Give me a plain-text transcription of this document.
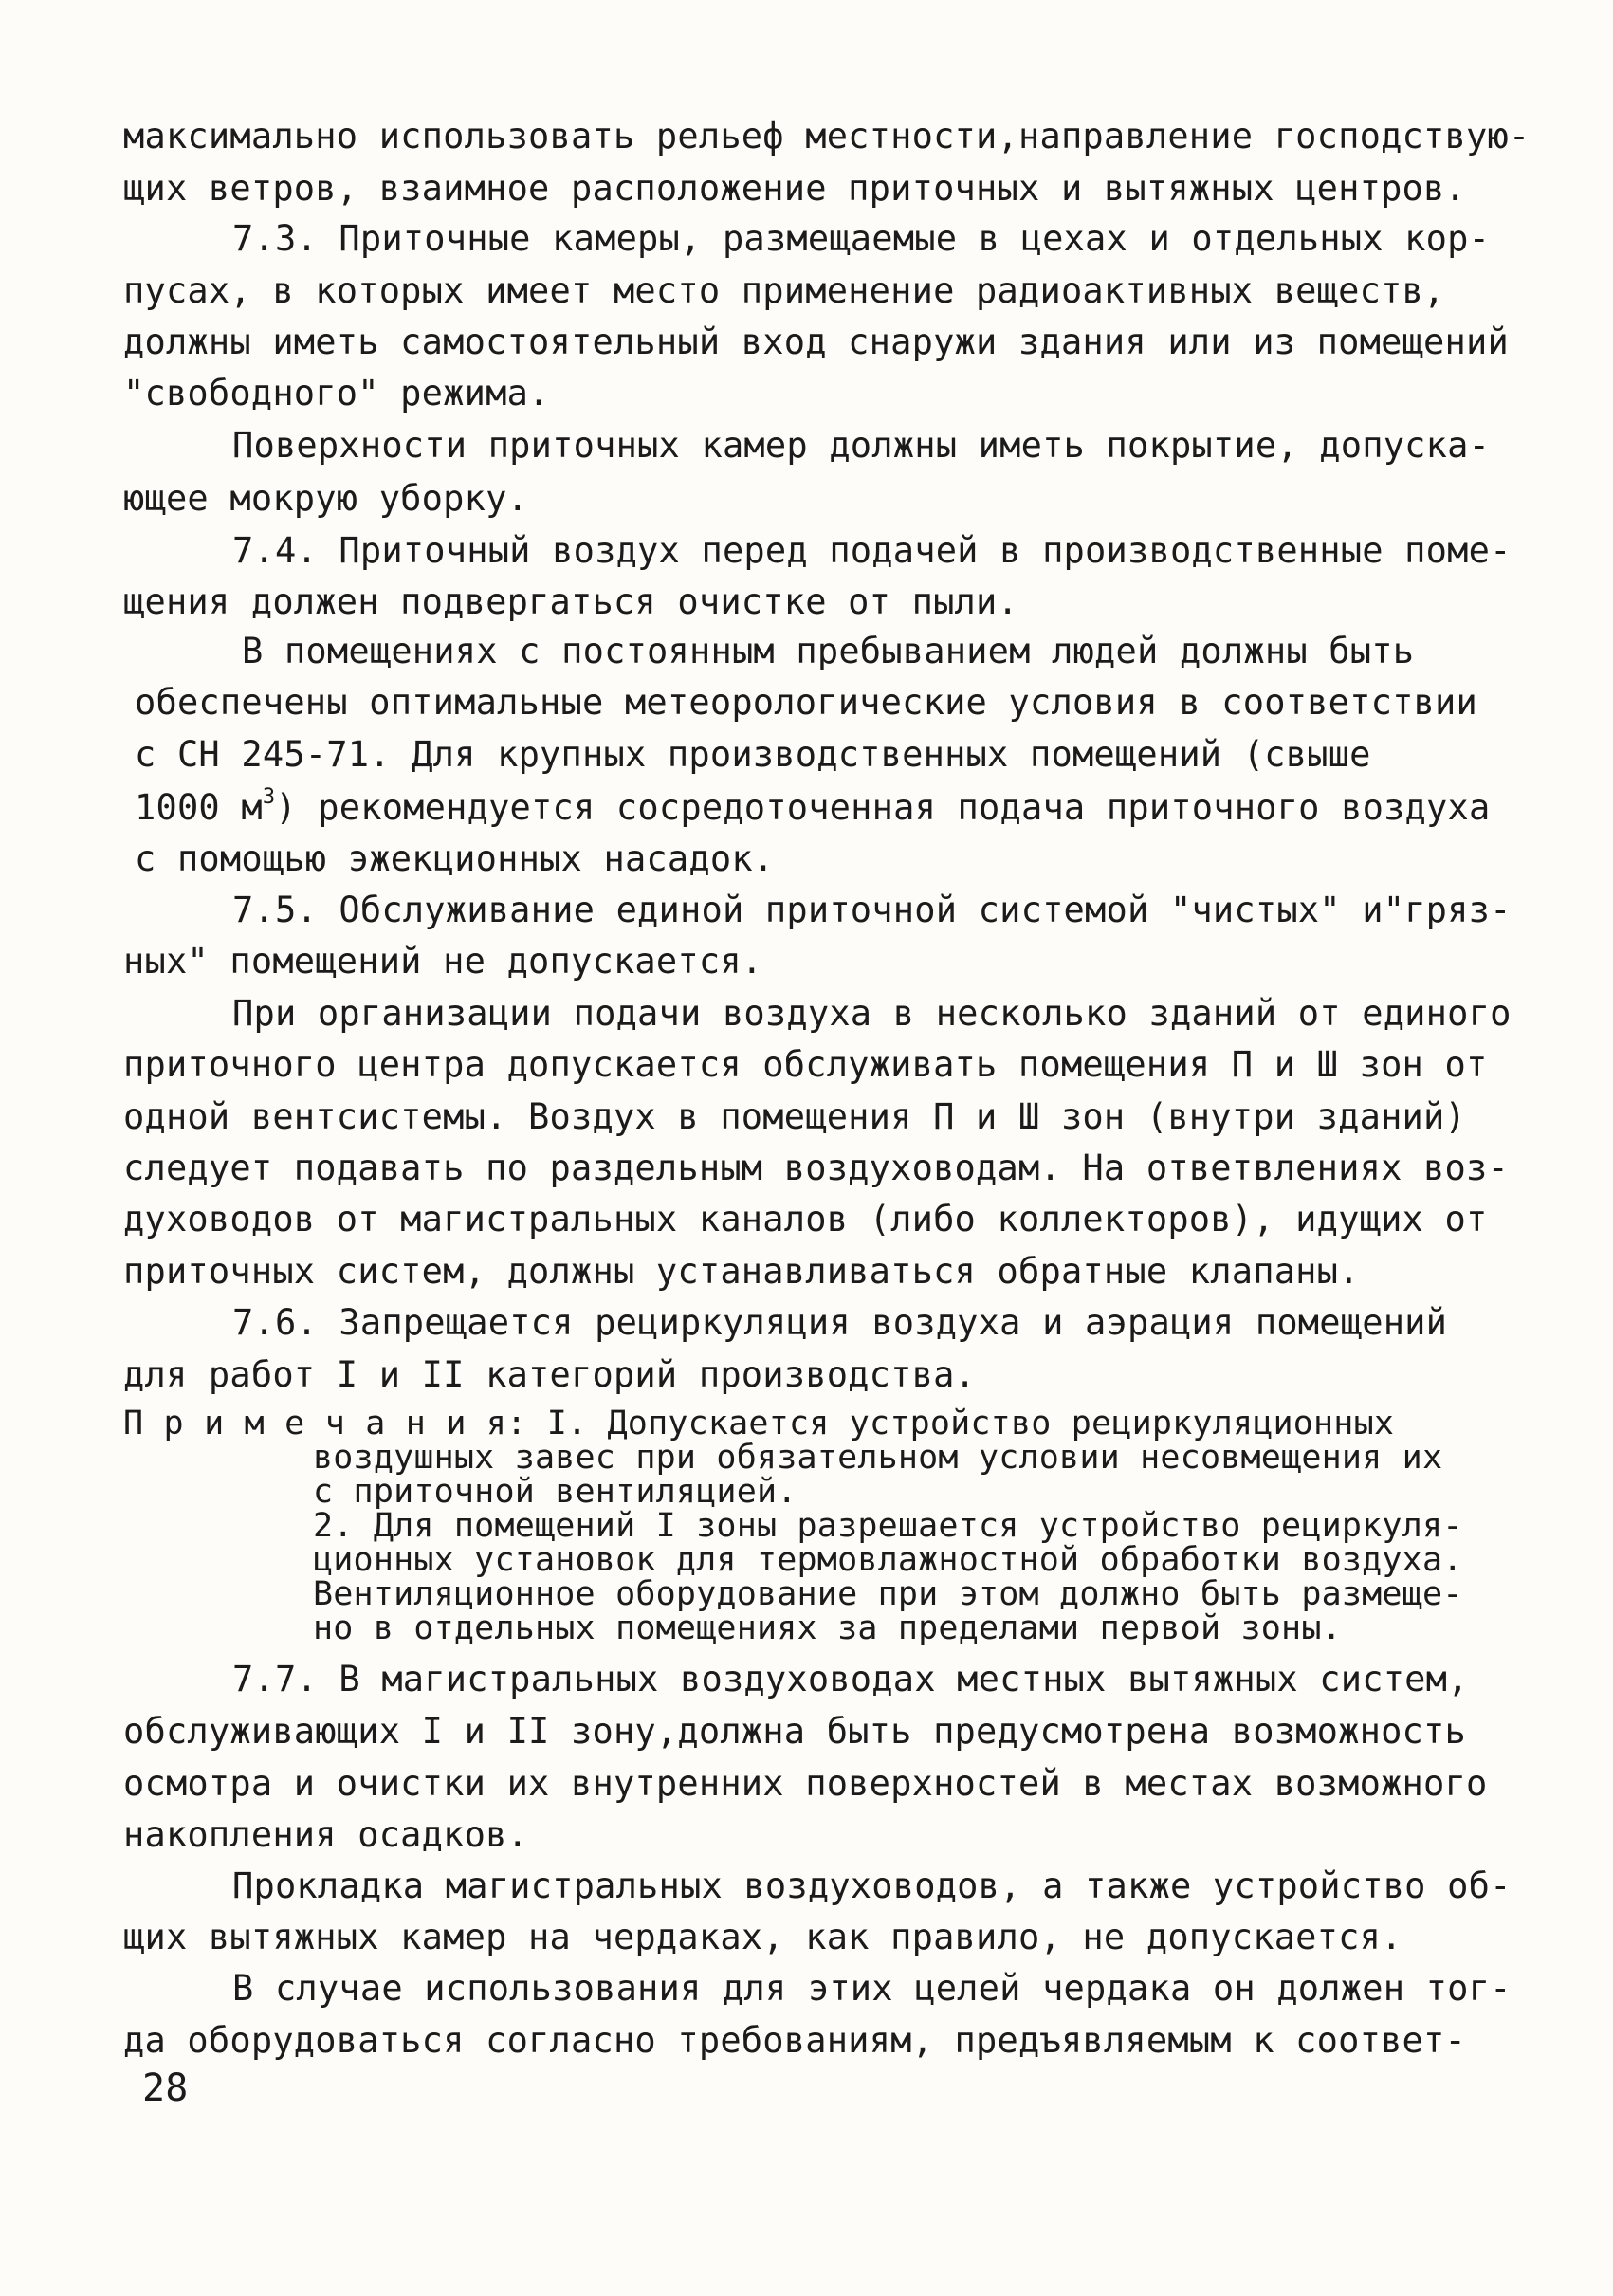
максимально использовать рельеф местности,направление господствую-
щих ветров, взаимное расположение приточных и вытяжных центров.
7.3. Приточные камеры, размещаемые в цехах и отдельных кор-
пусах, в которых имеет место применение радиоактивных веществ,
должны иметь самостоятельный вход снаружи здания или из помещений
"свободного" режима.
Поверхности приточных камер должны иметь покрытие, допуска-
ющее мокрую уборку.
7.4. Приточный воздух перед подачей в производственные поме-
щения должен подвергаться очистке от пыли.
В помещениях с постоянным пребыванием людей должны быть
обеспечены оптимальные метеорологические условия в соответствии
с СН 245-71. Для крупных производственных помещений (свыше
1000 $м^3$) рекомендуется сосредоточенная подача приточного воздуха
с помощью эжекционных насадок.
7.5. Обслуживание единой приточной системой "чистых" и"гряз-
ных" помещений не допускается.
При организации подачи воздуха в несколько зданий от единого
приточного центра допускается обслуживать помещения П и Ш зон от
одной вентсистемы. Воздух в помещения П и Ш зон (внутри зданий)
следует подавать по раздельным воздуховодам. На ответвлениях воз-
духоводов от магистральных каналов (либо коллекторов), идущих от
приточных систем, должны устанавливаться обратные клапаны.
7.6. Запрещается рециркуляция воздуха и аэрация помещений
для работ I и II категорий производства.
П р и м е ч а н и я: I. Допускается устройство рециркуляционных
воздушных завес при обязательном условии несовмещения их
с приточной вентиляцией.
2. Для помещений I зоны разрешается устройство рециркуля-
ционных установок для термовлажностной обработки воздуха.
Вентиляционное оборудование при этом должно быть размеще-
но в отдельных помещениях за пределами первой зоны.
7.7. В магистральных воздуховодах местных вытяжных систем,
обслуживающих I и II зону,должна быть предусмотрена возможность
осмотра и очистки их внутренних поверхностей в местах возможного
накопления осадков.
Прокладка магистральных воздуховодов, а также устройство об-
щих вытяжных камер на чердаках, как правило, не допускается.
В случае использования для этих целей чердака он должен тог-
да оборудоваться согласно требованиям, предъявляемым к соответ-
28
